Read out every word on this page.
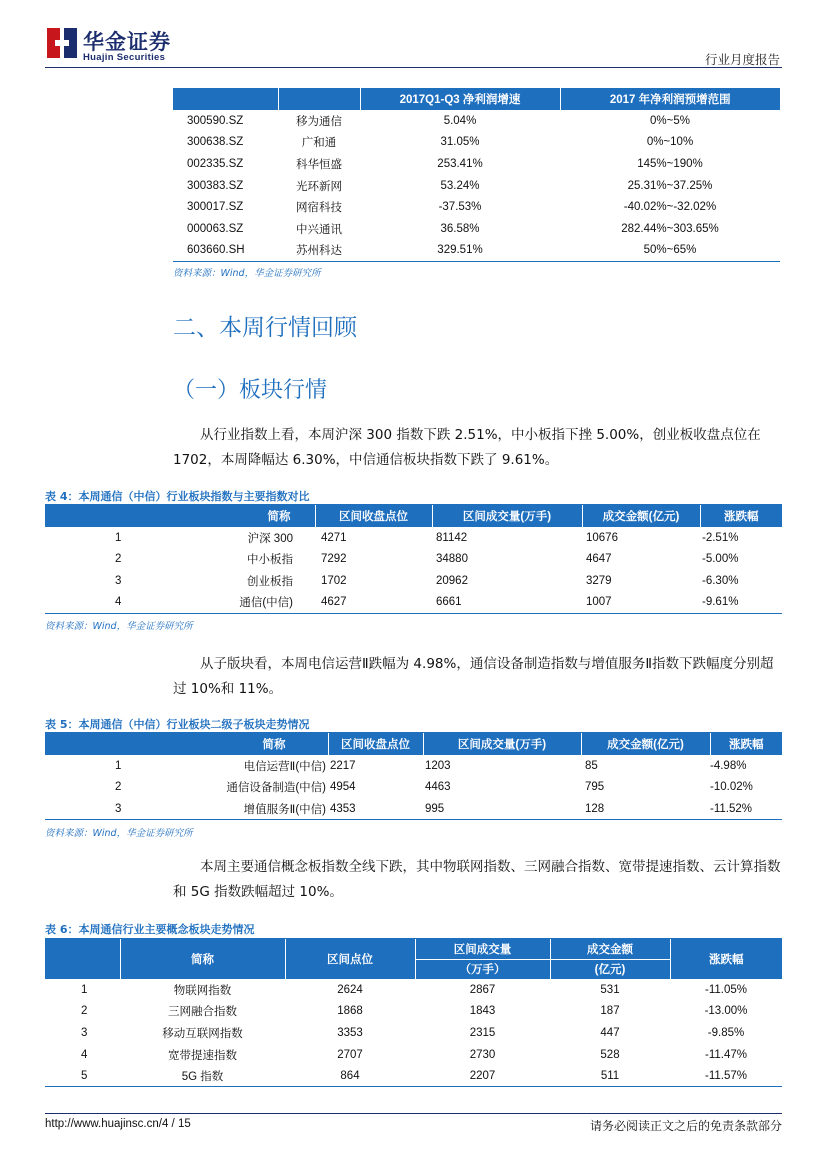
华金证券
Huajin Securities	行业月度报告
		2017Q1-Q3 净利润增速	2017 年净利润预增范围
300590.SZ	移为通信	5.04%	0%~5%
300638.SZ	广和通	31.05%	0%~10%
002335.SZ	科华恒盛	253.41%	145%~190%
300383.SZ	光环新网	53.24%	25.31%~37.25%
300017.SZ	网宿科技	-37.53%	-40.02%~-32.02%
000063.SZ	中兴通讯	36.58%	282.44%~303.65%
603660.SH	苏州科达	329.51%	50%~65%
资料来源：Wind，华金证券研究所
二、本周行情回顾
（一）板块行情
从行业指数上看，本周沪深 300 指数下跌 2.51%，中小板指下挫 5.00%，创业板收盘点位在 1702，本周降幅达 6.30%，中信通信板块指数下跌了 9.61%。
表 4：本周通信（中信）行业板块指数与主要指数对比
	简称	区间收盘点位	区间成交量(万手)	成交金额(亿元)	涨跌幅
1	沪深 300	4271	81142	10676	-2.51%
2	中小板指	7292	34880	4647	-5.00%
3	创业板指	1702	20962	3279	-6.30%
4	通信(中信)	4627	6661	1007	-9.61%
资料来源：Wind，华金证券研究所
从子版块看，本周电信运营Ⅱ跌幅为 4.98%，通信设备制造指数与增值服务Ⅱ指数下跌幅度分别超过 10%和 11%。
表 5：本周通信（中信）行业板块二级子板块走势情况
	简称	区间收盘点位	区间成交量(万手)	成交金额(亿元)	涨跌幅
1	电信运营Ⅱ(中信)	2217	1203	85	-4.98%
2	通信设备制造(中信)	4954	4463	795	-10.02%
3	增值服务Ⅱ(中信)	4353	995	128	-11.52%
资料来源：Wind，华金证券研究所
本周主要通信概念板指数全线下跌，其中物联网指数、三网融合指数、宽带提速指数、云计算指数和 5G 指数跌幅超过 10%。
表 6：本周通信行业主要概念板块走势情况
	简称	区间点位	区间成交量	成交金额	涨跌幅
			（万手）	(亿元)	
1	物联网指数	2624	2867	531	-11.05%
2	三网融合指数	1868	1843	187	-13.00%
3	移动互联网指数	3353	2315	447	-9.85%
4	宽带提速指数	2707	2730	528	-11.47%
5	5G 指数	864	2207	511	-11.57%
http://www.huajinsc.cn/4 / 15	请务必阅读正文之后的免责条款部分
